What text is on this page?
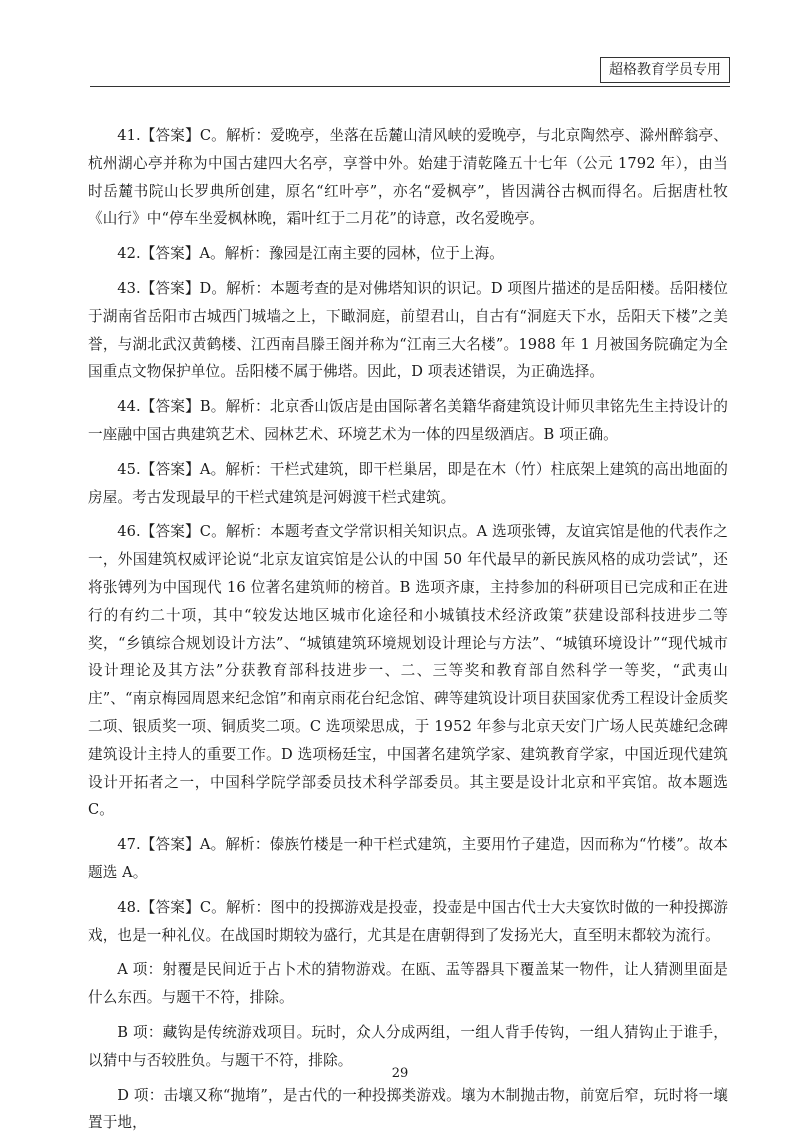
超格教育学员专用

41.【答案】C。解析：爱晚亭，坐落在岳麓山清风峡的爱晚亭，与北京陶然亭、滁州醉翁亭、杭州湖心亭并称为中国古建四大名亭，享誉中外。始建于清乾隆五十七年（公元 1792 年），由当时岳麓书院山长罗典所创建，原名“红叶亭”，亦名“爱枫亭”，皆因满谷古枫而得名。后据唐杜牧《山行》中“停车坐爱枫林晚，霜叶红于二月花”的诗意，改名爱晚亭。

42.【答案】A。解析：豫园是江南主要的园林，位于上海。

43.【答案】D。解析：本题考查的是对佛塔知识的识记。D 项图片描述的是岳阳楼。岳阳楼位于湖南省岳阳市古城西门城墙之上，下瞰洞庭，前望君山，自古有“洞庭天下水，岳阳天下楼”之美誉，与湖北武汉黄鹤楼、江西南昌滕王阁并称为“江南三大名楼”。1988 年 1 月被国务院确定为全国重点文物保护单位。岳阳楼不属于佛塔。因此，D 项表述错误，为正确选择。

44.【答案】B。解析：北京香山饭店是由国际著名美籍华裔建筑设计师贝聿铭先生主持设计的一座融中国古典建筑艺术、园林艺术、环境艺术为一体的四星级酒店。B 项正确。

45.【答案】A。解析：干栏式建筑，即干栏巢居，即是在木（竹）柱底架上建筑的高出地面的房屋。考古发现最早的干栏式建筑是河姆渡干栏式建筑。

46.【答案】C。解析：本题考查文学常识相关知识点。A 选项张镈，友谊宾馆是他的代表作之一，外国建筑权威评论说“北京友谊宾馆是公认的中国 50 年代最早的新民族风格的成功尝试”，还将张镈列为中国现代 16 位著名建筑师的榜首。B 选项齐康，主持参加的科研项目已完成和正在进行的有约二十项，其中“较发达地区城市化途径和小城镇技术经济政策”获建设部科技进步二等奖，“乡镇综合规划设计方法”、“城镇建筑环境规划设计理论与方法”、“城镇环境设计”“现代城市设计理论及其方法”分获教育部科技进步一、二、三等奖和教育部自然科学一等奖，“武夷山庄”、“南京梅园周恩来纪念馆”和南京雨花台纪念馆、碑等建筑设计项目获国家优秀工程设计金质奖二项、银质奖一项、铜质奖二项。C 选项梁思成，于 1952 年参与北京天安门广场人民英雄纪念碑建筑设计主持人的重要工作。D 选项杨廷宝，中国著名建筑学家、建筑教育学家，中国近现代建筑设计开拓者之一，中国科学院学部委员技术科学部委员。其主要是设计北京和平宾馆。故本题选 C。

47.【答案】A。解析：傣族竹楼是一种干栏式建筑，主要用竹子建造，因而称为“竹楼”。故本题选 A。

48.【答案】C。解析：图中的投掷游戏是投壶，投壶是中国古代士大夫宴饮时做的一种投掷游戏，也是一种礼仪。在战国时期较为盛行，尤其是在唐朝得到了发扬光大，直至明末都较为流行。

A 项：射覆是民间近于占卜术的猜物游戏。在瓯、盂等器具下覆盖某一物件，让人猜测里面是什么东西。与题干不符，排除。

B 项：藏钩是传统游戏项目。玩时，众人分成两组，一组人背手传钩，一组人猜钩止于谁手，以猜中与否较胜负。与题干不符，排除。

D 项：击壤又称“抛堶”，是古代的一种投掷类游戏。壤为木制抛击物，前宽后窄，玩时将一壤置于地，

29
